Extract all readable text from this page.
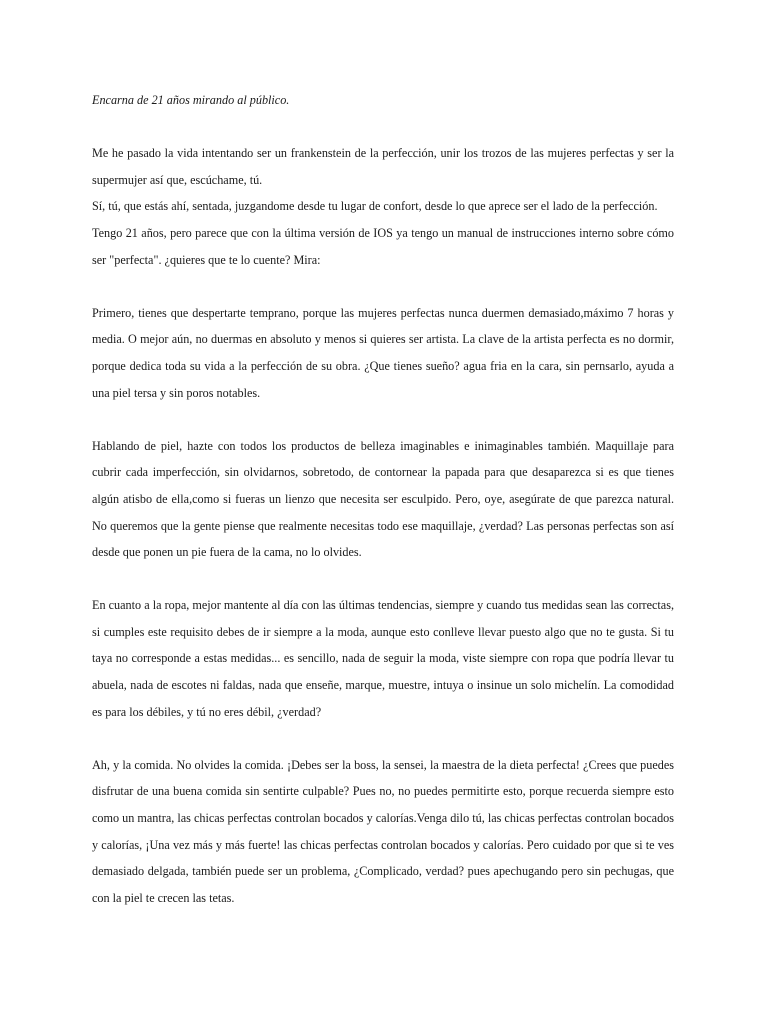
Encarna de 21 años mirando al público.

Me he pasado la vida intentando ser un frankenstein de la perfección, unir los trozos de las mujeres perfectas y ser la supermujer así que, escúchame, tú.

Sí, tú, que estás ahí, sentada, juzgandome desde tu lugar de confort, desde lo que aprece ser el lado de la perfección.

Tengo 21 años, pero parece que con la última versión de IOS ya tengo un manual de instrucciones interno sobre cómo ser "perfecta". ¿quieres que te lo cuente? Mira:

Primero, tienes que despertarte temprano, porque las mujeres perfectas nunca duermen demasiado,máximo 7 horas y media. O mejor aún, no duermas en absoluto y menos si quieres ser artista. La clave de la artista perfecta es no dormir, porque dedica toda su vida a la perfección de su obra. ¿Que tienes sueño? agua fria en la cara, sin pernsarlo, ayuda a una piel tersa y sin poros notables.

Hablando de piel, hazte con todos los productos de belleza imaginables e inimaginables también. Maquillaje para cubrir cada imperfección, sin olvidarnos, sobretodo, de contornear la papada para que desaparezca si es que tienes algún atisbo de ella,como si fueras un lienzo que necesita ser esculpido. Pero, oye, asegúrate de que parezca natural. No queremos que la gente piense que realmente necesitas todo ese maquillaje, ¿verdad? Las personas perfectas son así desde que ponen un pie fuera de la cama, no lo olvides.

En cuanto a la ropa, mejor mantente al día con las últimas tendencias, siempre y cuando tus medidas sean las correctas, si cumples este requisito debes de ir siempre a la moda, aunque esto conlleve llevar puesto algo que no te gusta. Si tu taya no corresponde a estas medidas... es sencillo, nada de seguir la moda, viste siempre con ropa que podría llevar tu abuela, nada de escotes ni faldas, nada que enseñe, marque, muestre, intuya o insinue un solo michelín. La comodidad es para los débiles, y tú no eres débil, ¿verdad?

Ah, y la comida. No olvides la comida. ¡Debes ser la boss, la sensei, la maestra de la dieta perfecta! ¿Crees que puedes disfrutar de una buena comida sin sentirte culpable? Pues no, no puedes permitirte esto, porque recuerda siempre esto como un mantra, las chicas perfectas controlan bocados y calorías.Venga dilo tú, las chicas perfectas controlan bocados y calorías, ¡Una vez más y más fuerte! las chicas perfectas controlan bocados y calorías. Pero cuidado por que si te ves demasiado delgada, también puede ser un problema, ¿Complicado, verdad? pues apechugando pero sin pechugas, que con la piel te crecen las tetas.
